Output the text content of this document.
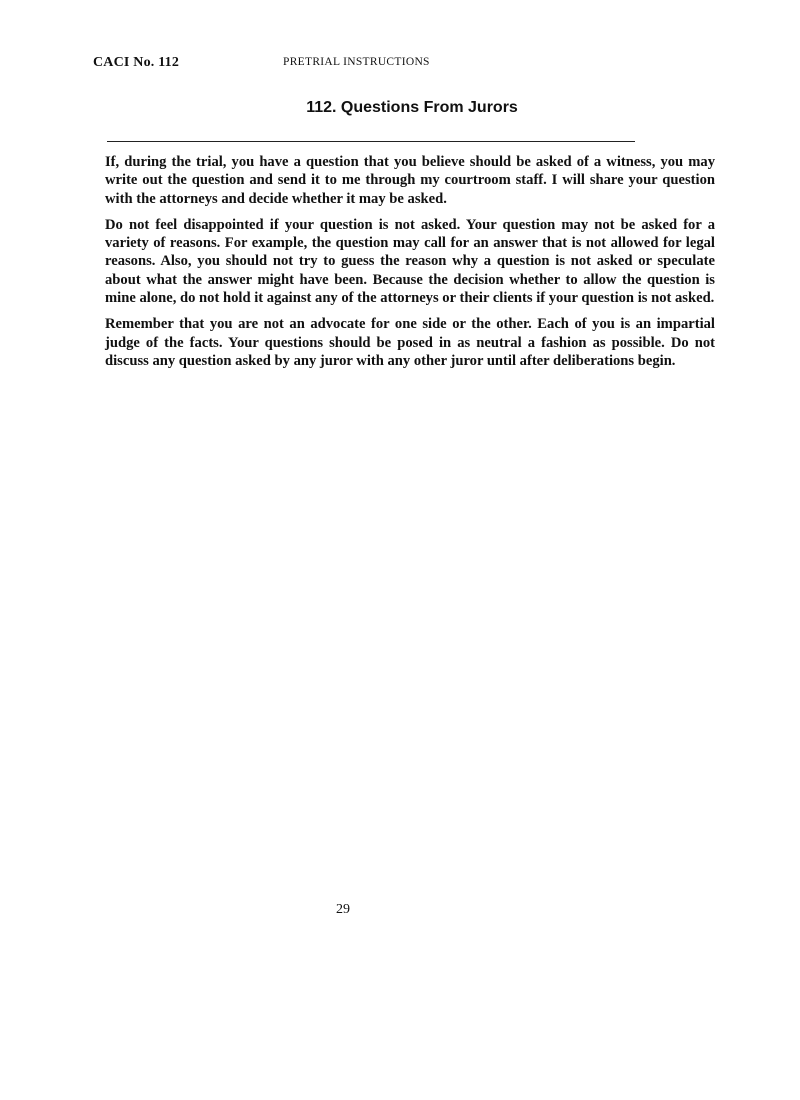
CACI No. 112	PRETRIAL INSTRUCTIONS
112. Questions From Jurors

If, during the trial, you have a question that you believe should be asked of a witness, you may write out the question and send it to me through my courtroom staff. I will share your question with the attorneys and decide whether it may be asked.

Do not feel disappointed if your question is not asked. Your question may not be asked for a variety of reasons. For example, the question may call for an answer that is not allowed for legal reasons. Also, you should not try to guess the reason why a question is not asked or speculate about what the answer might have been. Because the decision whether to allow the question is mine alone, do not hold it against any of the attorneys or their clients if your question is not asked.

Remember that you are not an advocate for one side or the other. Each of you is an impartial judge of the facts. Your questions should be posed in as neutral a fashion as possible. Do not discuss any question asked by any juror with any other juror until after deliberations begin.

29
